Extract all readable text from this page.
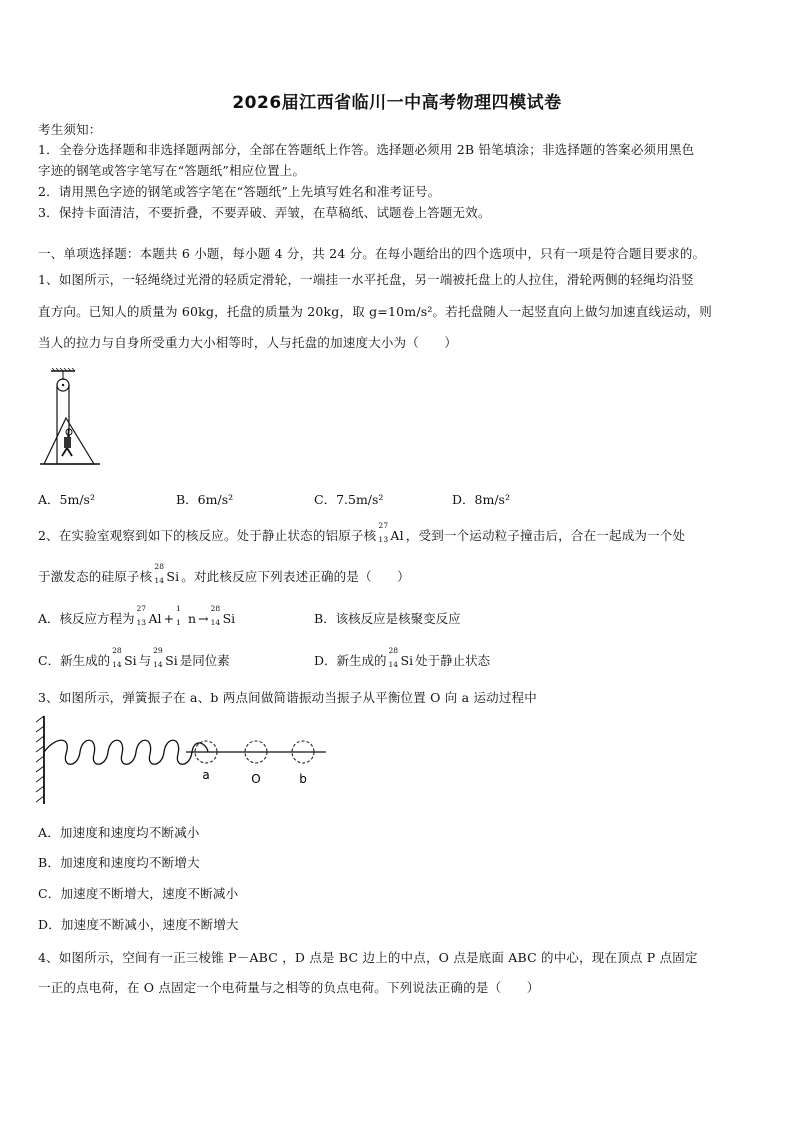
2026届江西省临川一中高考物理四模试卷
考生须知：
1．全卷分选择题和非选择题两部分，全部在答题纸上作答。选择题必须用 2B 铅笔填涂；非选择题的答案必须用黑色
字迹的钢笔或答字笔写在“答题纸”相应位置上。
2．请用黑色字迹的钢笔或答字笔在“答题纸”上先填写姓名和准考证号。
3．保持卡面清洁，不要折叠，不要弄破、弄皱，在草稿纸、试题卷上答题无效。
一、单项选择题：本题共 6 小题，每小题 4 分，共 24 分。在每小题给出的四个选项中，只有一项是符合题目要求的。
1、如图所示，一轻绳绕过光滑的轻质定滑轮，一端挂一水平托盘，另一端被托盘上的人拉住，滑轮两侧的轻绳均沿竖
直方向。已知人的质量为 60kg，托盘的质量为 20kg，取 g=10m/s²。若托盘随人一起竖直向上做匀加速直线运动，则
当人的拉力与自身所受重力大小相等时，人与托盘的加速度大小为（　　）
A．5m/s²	B．6m/s²	C．7.5m/s²	D．8m/s²
2、在实验室观察到如下的核反应。处于静止状态的铝原子核
27
13 Al ，受到一个运动粒子撞击后，合在一起成为一个处
于激发态的硅原子核
28
14 Si 。对此核反应下列表述正确的是（　　）
A．核反应方程为
27
13 Al +
1
1 n →
28
14 Si	B．该核反应是核聚变反应
C．新生成的
28
14 Si 与
29
14 Si 是同位素	D．新生成的
28
14 Si 处于静止状态
3、如图所示，弹簧振子在 a、b 两点间做简谐振动当振子从平衡位置 O 向 a 运动过程中
a	O	b
A．加速度和速度均不断减小
B．加速度和速度均不断增大
C．加速度不断增大，速度不断减小
D．加速度不断减小，速度不断增大
4、如图所示，空间有一正三棱锥 P－ABC ，D 点是 BC 边上的中点，O 点是底面 ABC 的中心，现在顶点 P 点固定
一正的点电荷，在 O 点固定一个电荷量与之相等的负点电荷。下列说法正确的是（　　）
